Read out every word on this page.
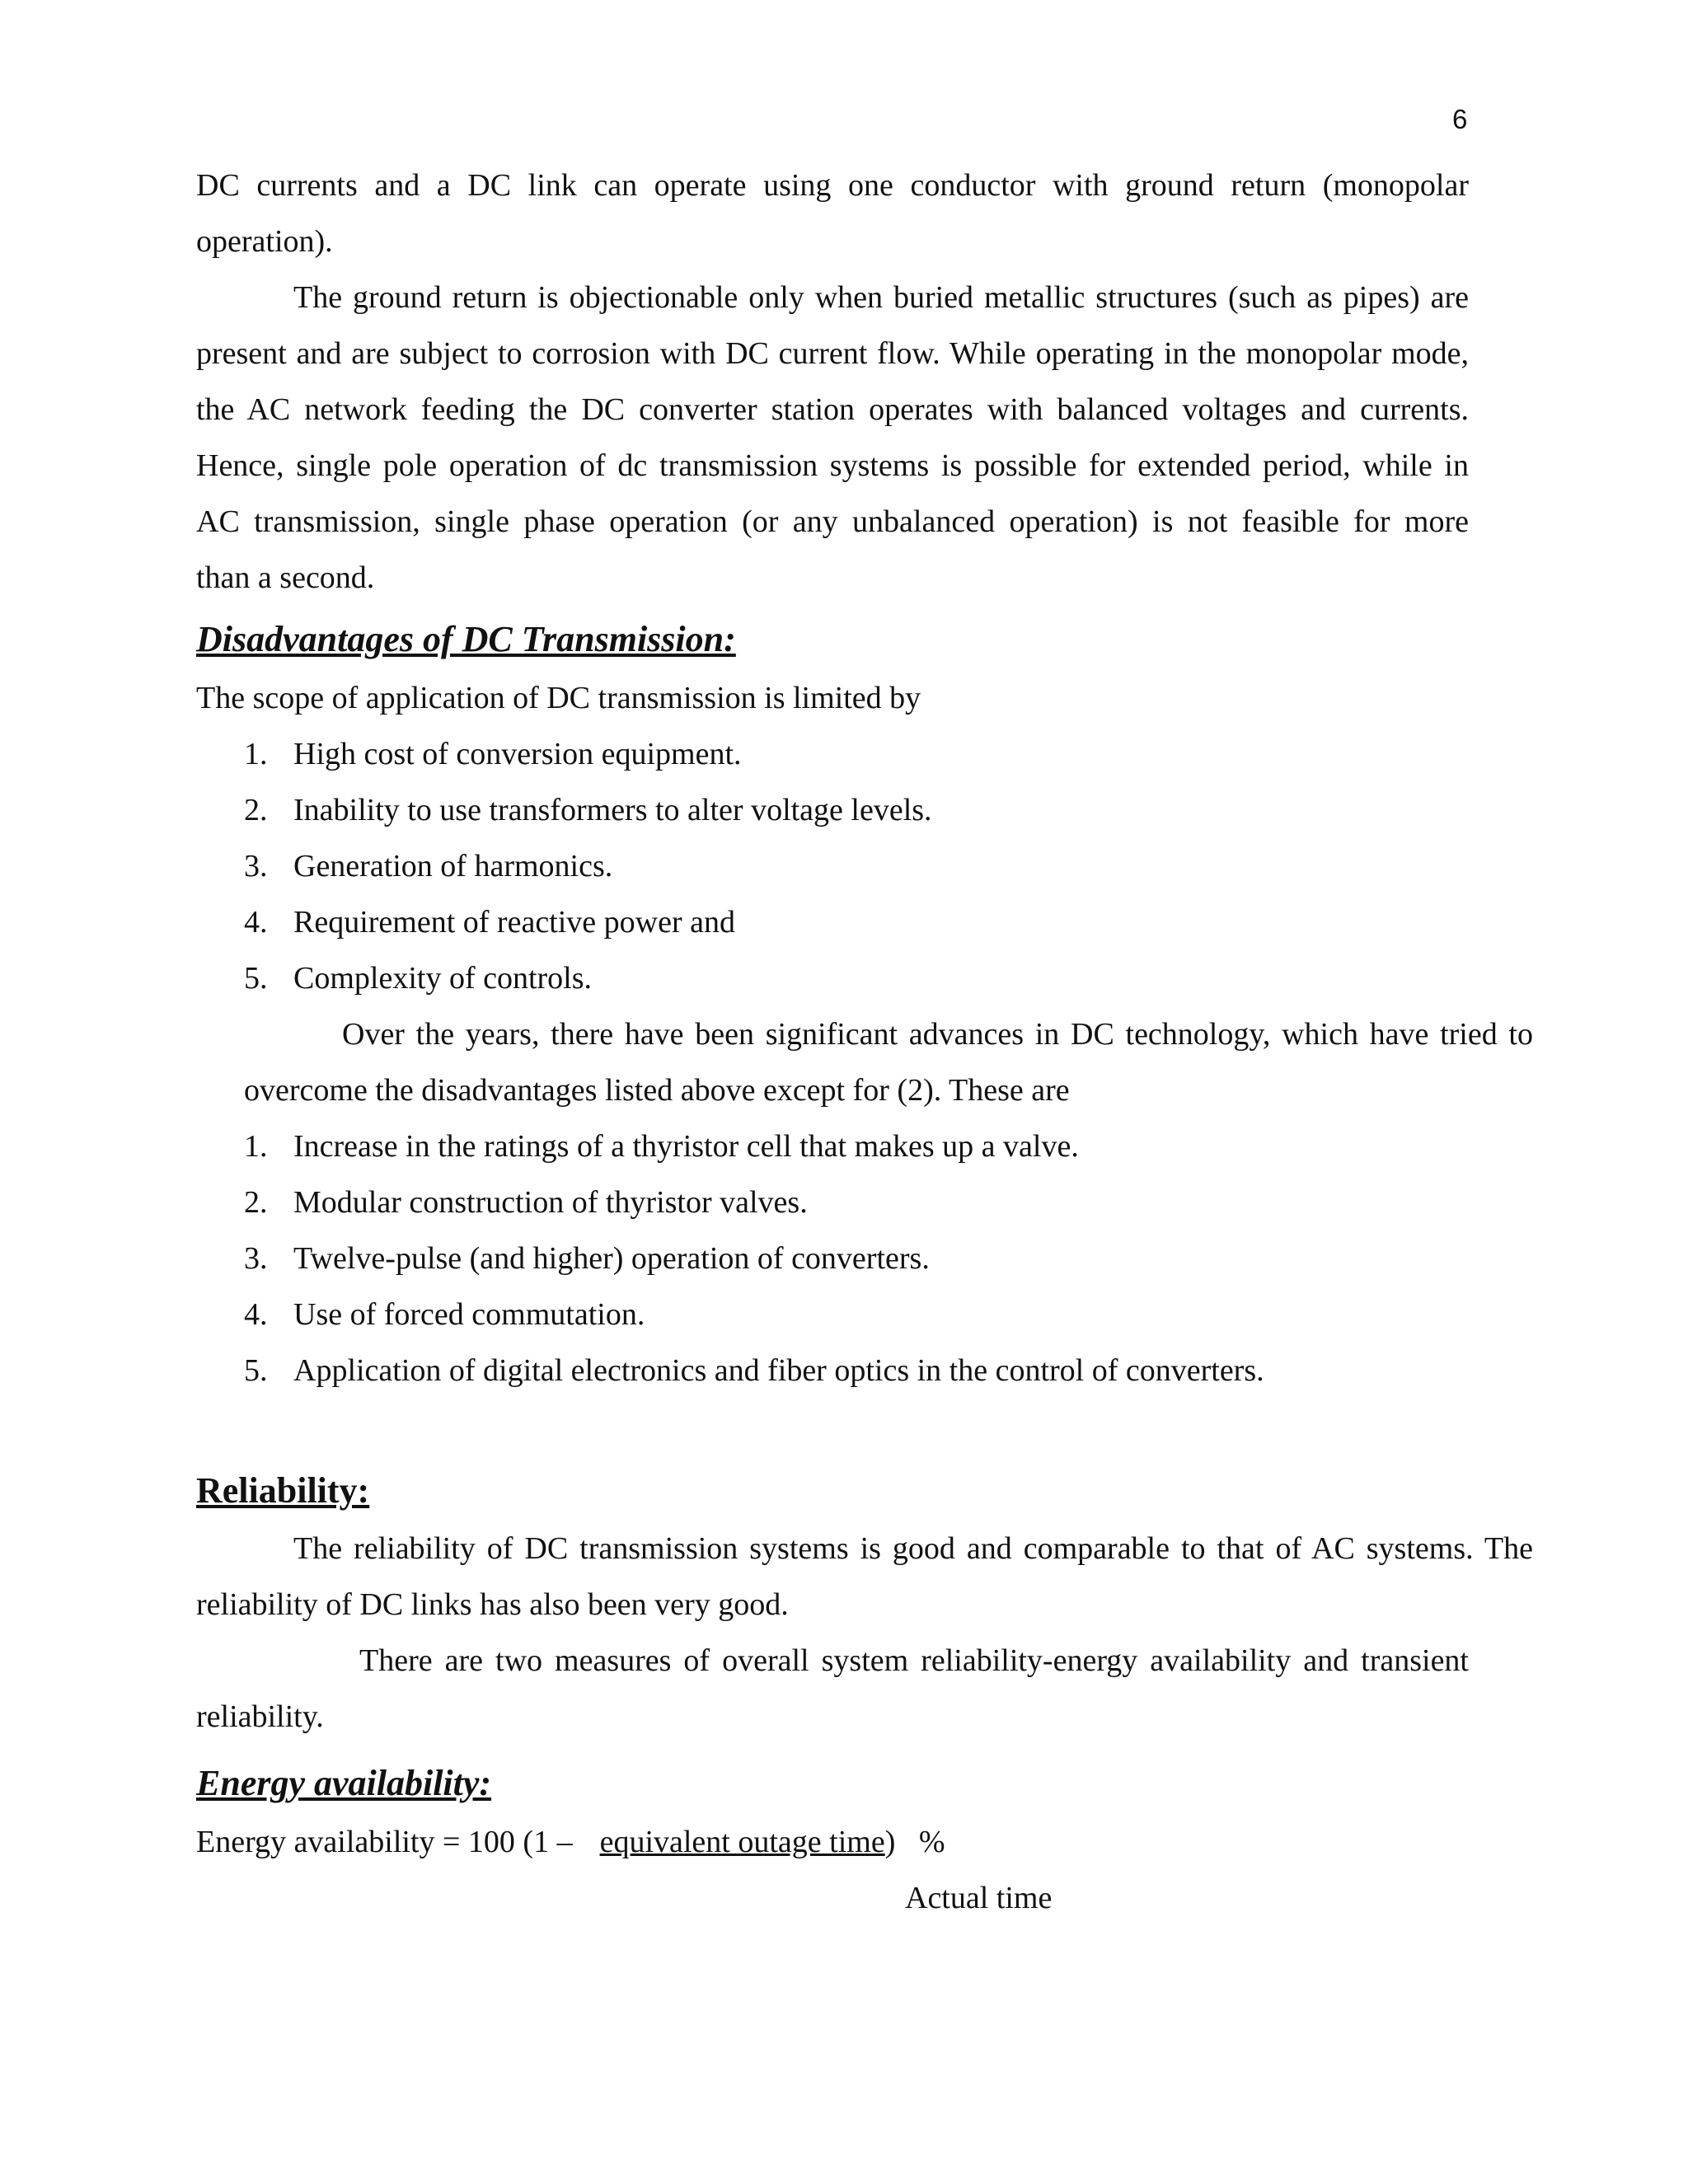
6
DC currents and a DC link can operate using one conductor with ground return (monopolar
operation).
The ground return is objectionable only when buried metallic structures (such as pipes) are
present and are subject to corrosion with DC current flow. While operating in the monopolar mode,
the AC network feeding the DC converter station operates with balanced voltages and currents.
Hence, single pole operation of dc transmission systems is possible for extended period, while in
AC transmission, single phase operation (or any unbalanced operation) is not feasible for more
than a second.
Disadvantages of DC Transmission:
The scope of application of DC transmission is limited by
1. High cost of conversion equipment.
2. Inability to use transformers to alter voltage levels.
3. Generation of harmonics.
4. Requirement of reactive power and
5. Complexity of controls.
Over the years, there have been significant advances in DC technology, which have tried to
overcome the disadvantages listed above except for (2). These are
1. Increase in the ratings of a thyristor cell that makes up a valve.
2. Modular construction of thyristor valves.
3. Twelve-pulse (and higher) operation of converters.
4. Use of forced commutation.
5. Application of digital electronics and fiber optics in the control of converters.
Reliability:
The reliability of DC transmission systems is good and comparable to that of AC systems. The
reliability of DC links has also been very good.
There are two measures of overall system reliability-energy availability and transient
reliability.
Energy availability:
Energy availability = 100 (1 – equivalent outage time)   %
Actual time
